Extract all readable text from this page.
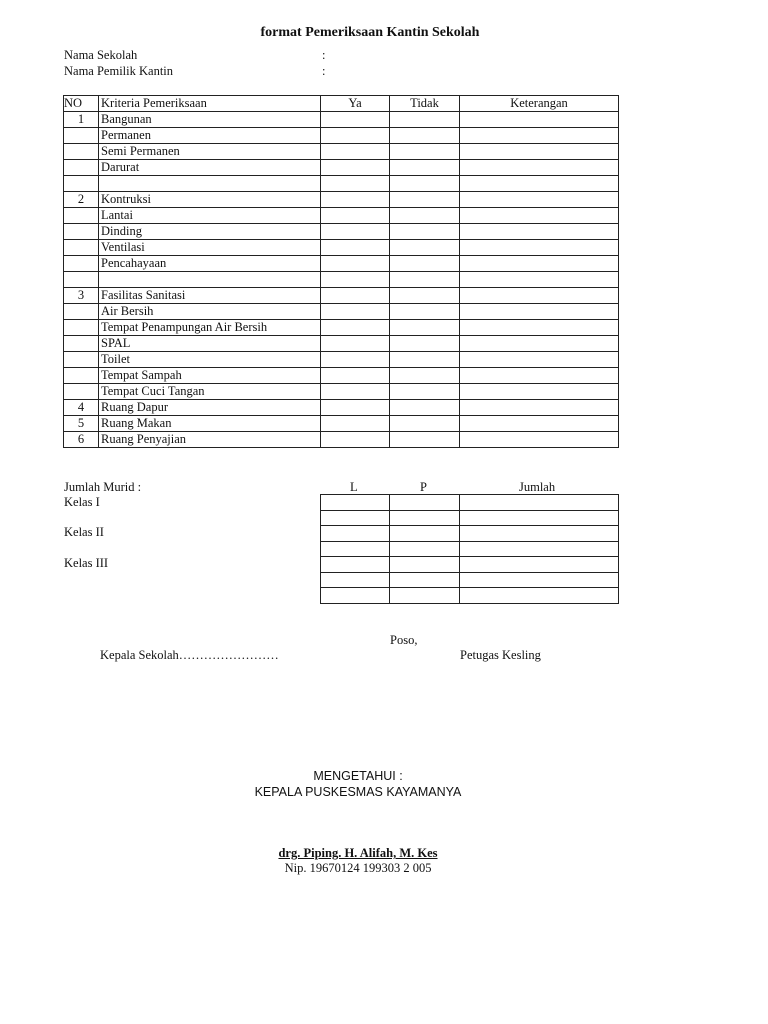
format Pemeriksaan Kantin Sekolah
Nama Sekolah	:
Nama Pemilik Kantin	:
NO	Kriteria Pemeriksaan	Ya	Tidak	Keterangan
1	Bangunan			
	Permanen			
	Semi Permanen			
	Darurat			

2	Kontruksi			
	Lantai			
	Dinding			
	Ventilasi			
	Pencahayaan			

3	Fasilitas Sanitasi			
	Air Bersih			
	Tempat Penampungan Air Bersih			
	SPAL			
	Toilet			
	Tempat Sampah			
	Tempat Cuci Tangan			
4	Ruang Dapur			
5	Ruang Makan			
6	Ruang Penyajian			
Jumlah Murid :	L	P	Jumlah
Kelas I
Kelas II
Kelas III

Poso,
Kepala Sekolah……………………	Petugas Kesling
MENGETAHUI :
KEPALA PUSKESMAS KAYAMANYA
drg. Piping. H. Alifah, M. Kes
Nip. 19670124 199303 2 005
